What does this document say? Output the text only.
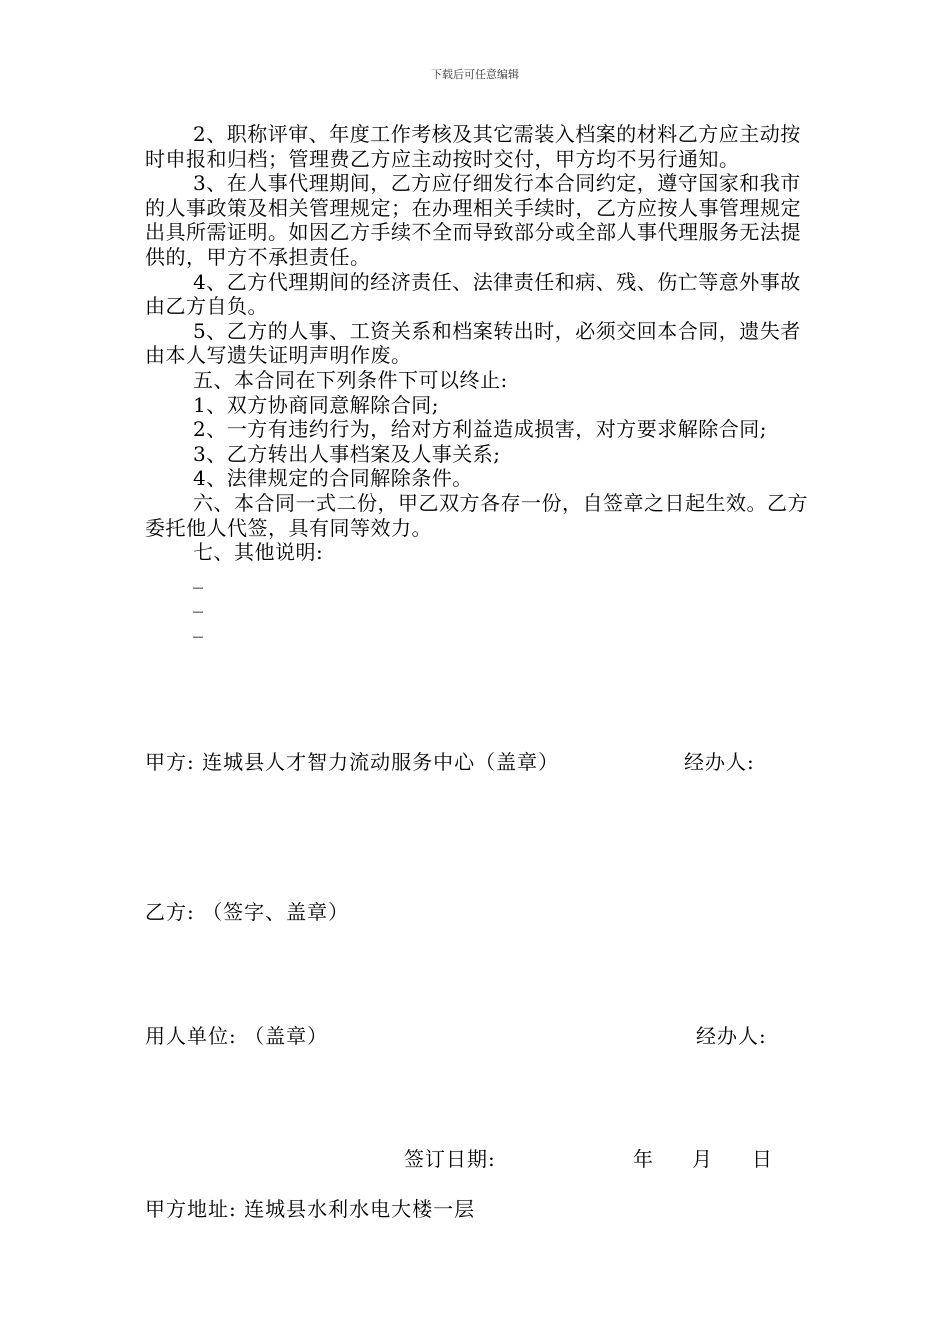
下载后可任意编辑

2、职称评审、年度工作考核及其它需装入档案的材料乙方应主动按时申报和归档；管理费乙方应主动按时交付，甲方均不另行通知。

3、在人事代理期间，乙方应仔细发行本合同约定，遵守国家和我市的人事政策及相关管理规定；在办理相关手续时，乙方应按人事管理规定出具所需证明。如因乙方手续不全而导致部分或全部人事代理服务无法提供的，甲方不承担责任。

4、乙方代理期间的经济责任、法律责任和病、残、伤亡等意外事故由乙方自负。

5、乙方的人事、工资关系和档案转出时，必须交回本合同，遗失者由本人写遗失证明声明作废。

五、本合同在下列条件下可以终止:

1、双方协商同意解除合同;

2、一方有违约行为，给对方利益造成损害，对方要求解除合同;

3、乙方转出人事档案及人事关系;

4、法律规定的合同解除条件。

六、本合同一式二份，甲乙双方各存一份，自签章之日起生效。乙方委托他人代签，具有同等效力。

七、其他说明:

_

_

_

甲方: 连城县人才智力流动服务中心（盖章）	经办人:
乙方: （签字、盖章）
用人单位: （盖章）	经办人:
签订日期:	年 月 日
甲方地址: 连城县水利水电大楼一层
